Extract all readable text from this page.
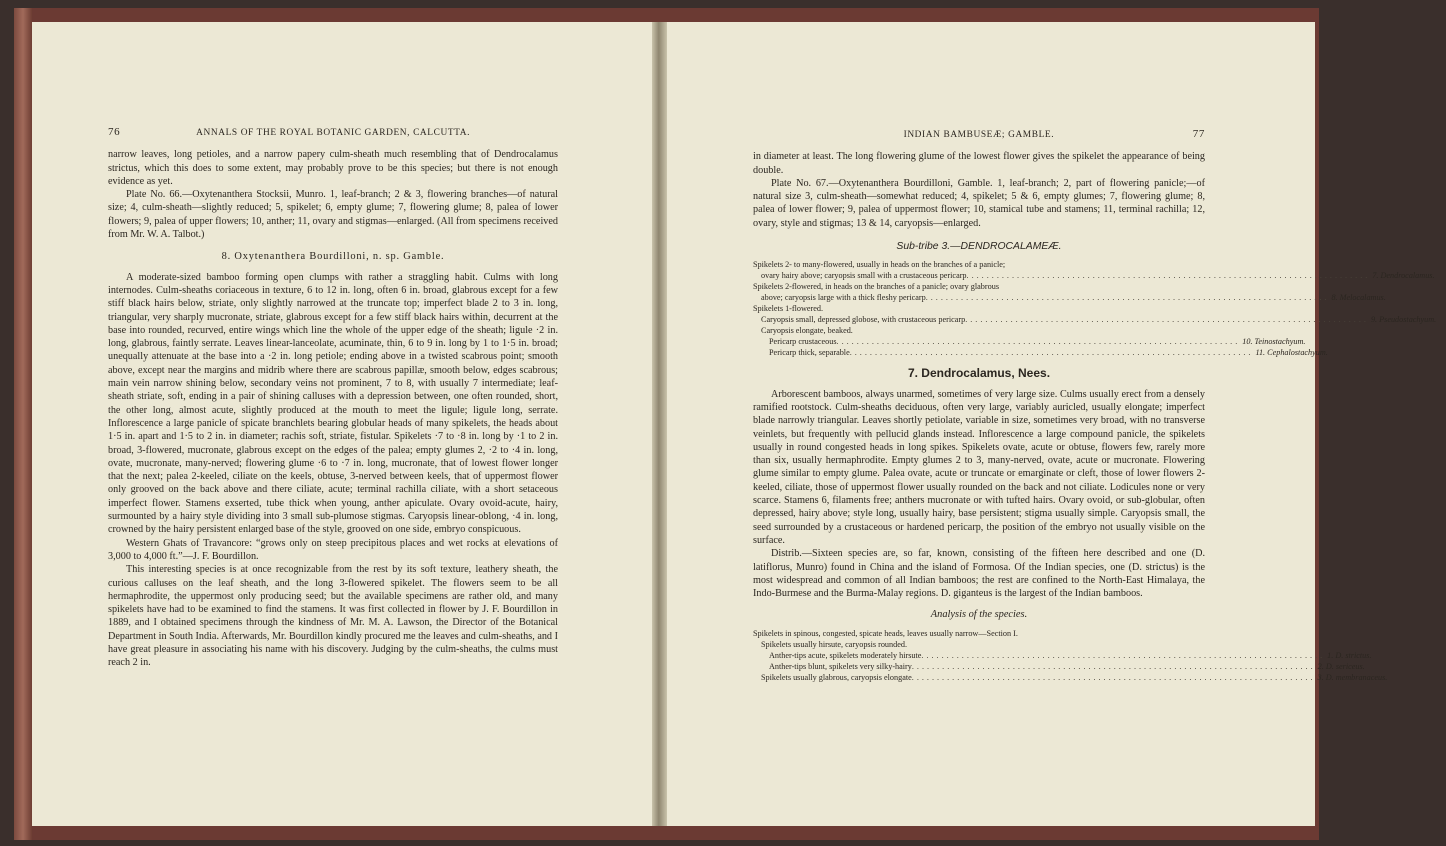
76	ANNALS OF THE ROYAL BOTANIC GARDEN, CALCUTTA.

narrow leaves, long petioles, and a narrow papery culm-sheath much resembling that of Dendrocalamus strictus, which this does to some extent, may probably prove to be this species; but there is not enough evidence as yet.

Plate No. 66.—Oxytenanthera Stocksii, Munro. 1, leaf-branch; 2 & 3, flowering branches—of natural size; 4, culm-sheath—slightly reduced; 5, spikelet; 6, empty glume; 7, flowering glume; 8, palea of lower flowers; 9, palea of upper flowers; 10, anther; 11, ovary and stigmas—enlarged. (All from specimens received from Mr. W. A. Talbot.)

8. Oxytenanthera Bourdilloni, n. sp. Gamble.

A moderate-sized bamboo forming open clumps with rather a straggling habit. Culms with long internodes. Culm-sheaths coriaceous in texture, 6 to 12 in. long, often 6 in. broad, glabrous except for a few stiff black hairs below, striate, only slightly narrowed at the truncate top; imperfect blade 2 to 3 in. long, triangular, very sharply mucronate, striate, glabrous except for a few stiff black hairs within, decurrent at the base into rounded, recurved, entire wings which line the whole of the upper edge of the sheath; ligule ·2 in. long, glabrous, faintly serrate. Leaves linear-lanceolate, acuminate, thin, 6 to 9 in. long by 1 to 1·5 in. broad; unequally attenuate at the base into a ·2 in. long petiole; ending above in a twisted scabrous point; smooth above, except near the margins and midrib where there are scabrous papillæ, smooth below, edges scabrous; main vein narrow shining below, secondary veins not prominent, 7 to 8, with usually 7 intermediate; leaf-sheath striate, soft, ending in a pair of shining calluses with a depression between, one often rounded, short, the other long, almost acute, slightly produced at the mouth to meet the ligule; ligule long, serrate. Inflorescence a large panicle of spicate branchlets bearing globular heads of many spikelets, the heads about 1·5 in. apart and 1·5 to 2 in. in diameter; rachis soft, striate, fistular. Spikelets ·7 to ·8 in. long by ·1 to 2 in. broad, 3-flowered, mucronate, glabrous except on the edges of the palea; empty glumes 2, ·2 to ·4 in. long, ovate, mucronate, many-nerved; flowering glume ·6 to ·7 in. long, mucronate, that of lowest flower longer that the next; palea 2-keeled, ciliate on the keels, obtuse, 3-nerved between keels, that of uppermost flower only grooved on the back above and there ciliate, acute; terminal rachilla ciliate, with a short setaceous imperfect flower. Stamens exserted, tube thick when young, anther apiculate. Ovary ovoid-acute, hairy, surmounted by a hairy style dividing into 3 small sub-plumose stigmas. Caryopsis linear-oblong, ·4 in. long, crowned by the hairy persistent enlarged base of the style, grooved on one side, embryo conspicuous.

Western Ghats of Travancore: “grows only on steep precipitous places and wet rocks at elevations of 3,000 to 4,000 ft.”—J. F. Bourdillon.

This interesting species is at once recognizable from the rest by its soft texture, leathery sheath, the curious calluses on the leaf sheath, and the long 3-flowered spikelet. The flowers seem to be all hermaphrodite, the uppermost only producing seed; but the available specimens are rather old, and many spikelets have had to be examined to find the stamens. It was first collected in flower by J. F. Bourdillon in 1889, and I obtained specimens through the kindness of Mr. M. A. Lawson, the Director of the Botanical Department in South India. Afterwards, Mr. Bourdillon kindly procured me the leaves and culm-sheaths, and I have great pleasure in associating his name with his discovery. Judging by the culm-sheaths, the culms must reach 2 in.

INDIAN BAMBUSEÆ; GAMBLE.	77

in diameter at least. The long flowering glume of the lowest flower gives the spikelet the appearance of being double.

Plate No. 67.—Oxytenanthera Bourdilloni, Gamble. 1, leaf-branch; 2, part of flowering panicle;—of natural size 3, culm-sheath—somewhat reduced; 4, spikelet; 5 & 6, empty glumes; 7, flowering glume; 8, palea of lower flower; 9, palea of uppermost flower; 10, stamical tube and stamens; 11, terminal rachilla; 12, ovary, style and stigmas; 13 & 14, caryopsis—enlarged.

Sub-tribe 3.—DENDROCALAMEÆ.
Spikelets 2- to many-flowered, usually in heads on the branches of a panicle;
ovary hairy above; caryopsis small with a crustaceous pericarp ................................................................................ 7. Dendrocalamus.
Spikelets 2-flowered, in heads on the branches of a panicle; ovary glabrous
above; caryopsis large with a thick fleshy pericarp ................................................................................ 8. Melocalamus.
Spikelets 1-flowered.
Caryopsis small, depressed globose, with crustaceous pericarp ................................................................................ 9. Pseudostachyum.
Caryopsis elongate, beaked.
Pericarp crustaceous ................................................................................ 10. Teinostachyum.
Pericarp thick, separable ................................................................................ 11. Cephalostachyum.
7. Dendrocalamus, Nees.

Arborescent bamboos, always unarmed, sometimes of very large size. Culms usually erect from a densely ramified rootstock. Culm-sheaths deciduous, often very large, variably auricled, usually elongate; imperfect blade narrowly triangular. Leaves shortly petiolate, variable in size, sometimes very broad, with no transverse veinlets, but frequently with pellucid glands instead. Inflorescence a large compound panicle, the spikelets usually in round congested heads in long spikes. Spikelets ovate, acute or obtuse, flowers few, rarely more than six, usually hermaphrodite. Empty glumes 2 to 3, many-nerved, ovate, acute or mucronate. Flowering glume similar to empty glume. Palea ovate, acute or truncate or emarginate or cleft, those of lower flowers 2-keeled, ciliate, those of uppermost flower usually rounded on the back and not ciliate. Lodicules none or very scarce. Stamens 6, filaments free; anthers mucronate or with tufted hairs. Ovary ovoid, or sub-globular, often depressed, hairy above; style long, usually hairy, base persistent; stigma usually simple. Caryopsis small, the seed surrounded by a crustaceous or hardened pericarp, the position of the embryo not usually visible on the surface.

Distrib.—Sixteen species are, so far, known, consisting of the fifteen here described and one (D. latiflorus, Munro) found in China and the island of Formosa. Of the Indian species, one (D. strictus) is the most widespread and common of all Indian bamboos; the rest are confined to the North-East Himalaya, the Indo-Burmese and the Burma-Malay regions. D. giganteus is the largest of the Indian bamboos.

Analysis of the species.
Spikelets in spinous, congested, spicate heads, leaves usually narrow—Section I.
Spikelets usually hirsute, caryopsis rounded.
Anther-tips acute, spikelets moderately hirsute ................................................................................ 1. D. strictus.
Anther-tips blunt, spikelets very silky-hairy ................................................................................ 2. D. sericeus.
Spikelets usually glabrous, caryopsis elongate ................................................................................ 3. D. membranaceus.
